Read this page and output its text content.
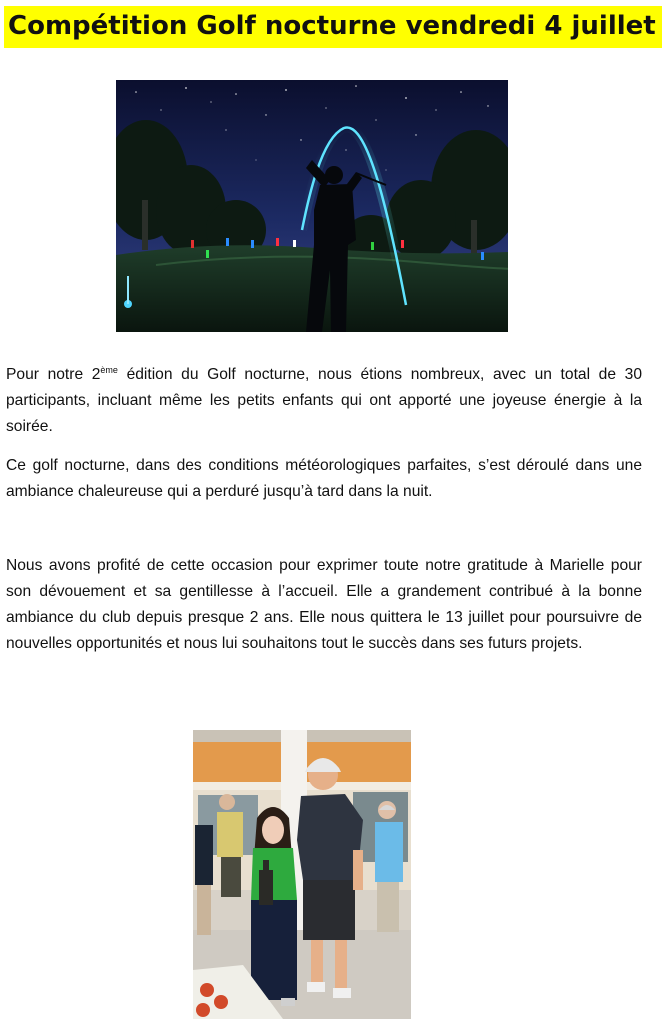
Compétition Golf nocturne vendredi 4 juillet

Pour notre 2ème édition du Golf nocturne, nous étions nombreux, avec un total de 30 participants, incluant même les petits enfants qui ont apporté une joyeuse énergie à la soirée.

Ce golf nocturne, dans des conditions météorologiques parfaites, s’est déroulé dans une ambiance chaleureuse qui a perduré jusqu’à tard dans la nuit.

Nous avons profité de cette occasion pour exprimer toute notre gratitude à Marielle pour son dévouement et sa gentillesse à l’accueil. Elle a grandement contribué à la bonne ambiance du club depuis presque 2 ans. Elle nous quittera le 13 juillet pour poursuivre de nouvelles opportunités et nous lui souhaitons tout le succès dans ses futurs projets.
